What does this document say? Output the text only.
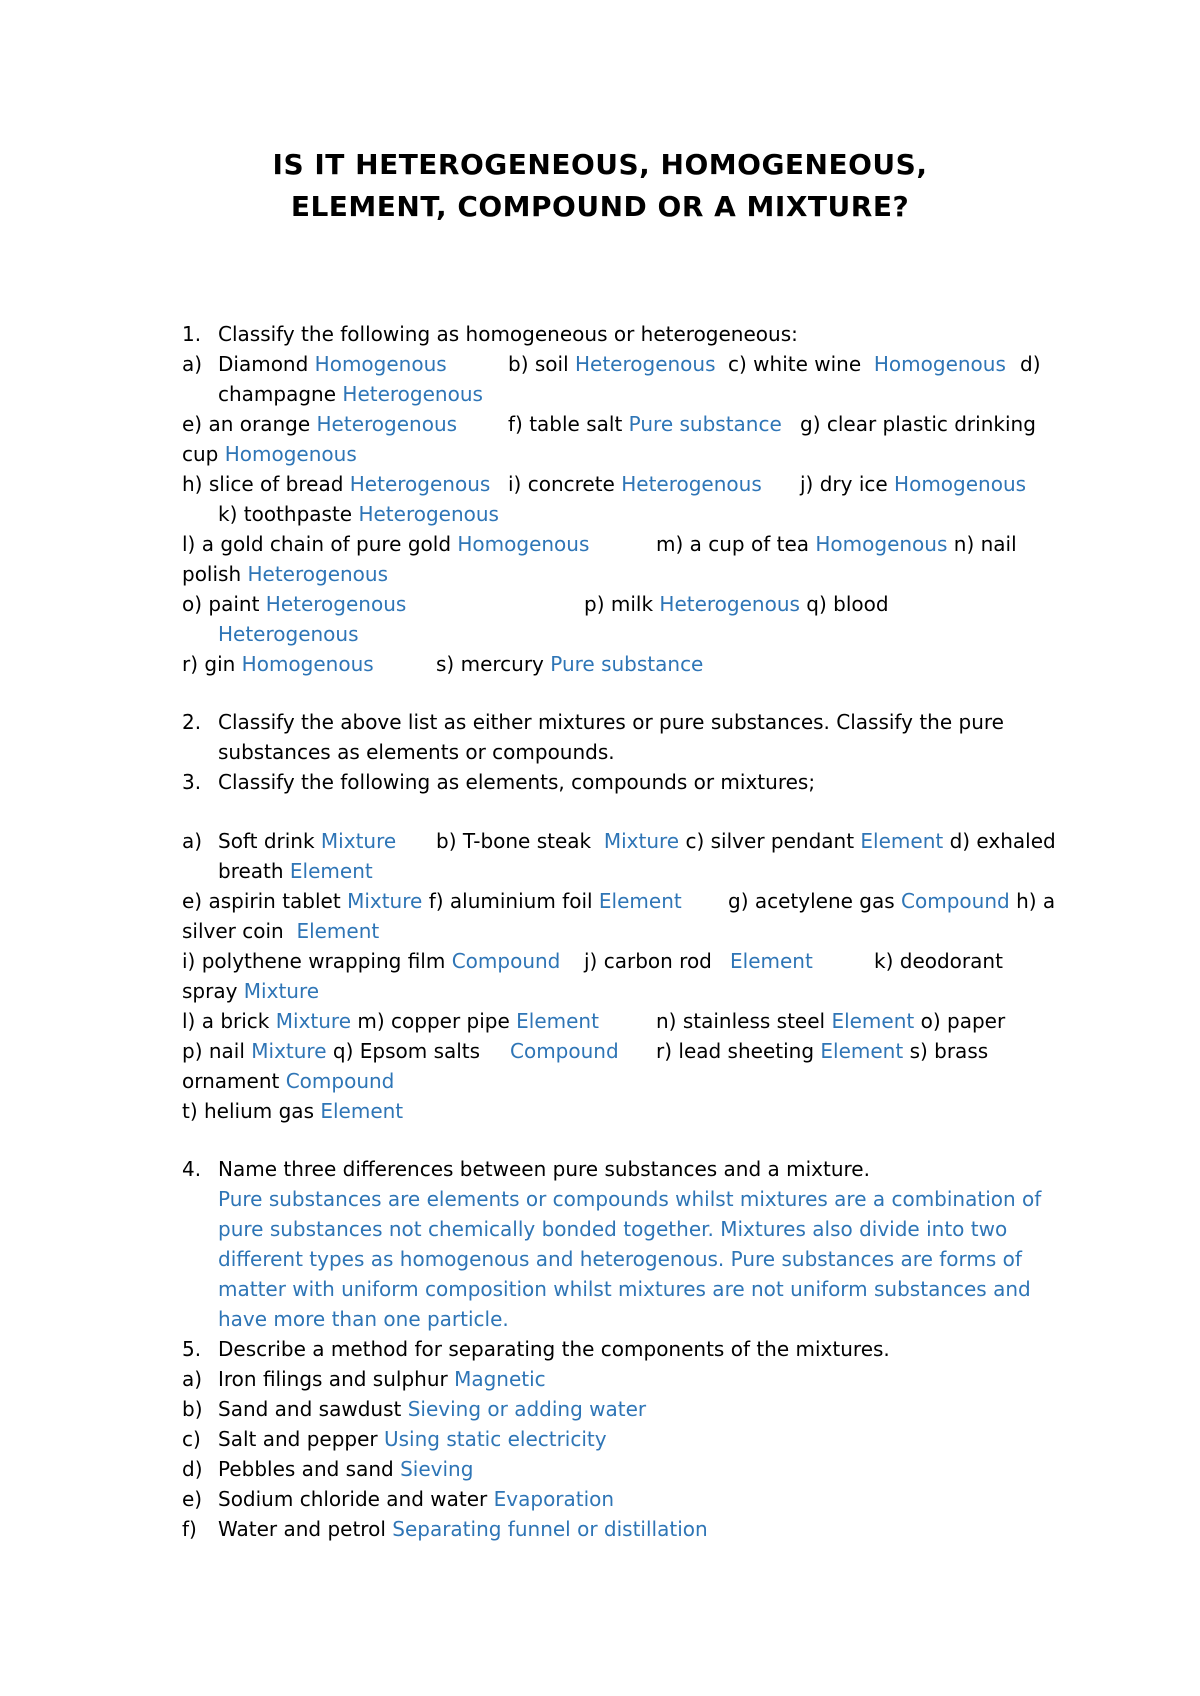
IS IT HETEROGENEOUS, HOMOGENEOUS,
ELEMENT, COMPOUND OR A MIXTURE?
1. Classify the following as homogeneous or heterogeneous:
a) Diamond Homogenous	b) soil Heterogenous c) white wine Homogenous d)
champagne Heterogenous
e) an orange Heterogenous	f) table salt Pure substance g) clear plastic drinking
cup Homogenous
h) slice of bread Heterogenous i) concrete Heterogenous j) dry ice Homogenous
k) toothpaste Heterogenous
l) a gold chain of pure gold Homogenous	m) a cup of tea Homogenous n) nail
polish Heterogenous
o) paint Heterogenous	p) milk Heterogenous q) blood
Heterogenous
r) gin Homogenous	s) mercury Pure substance
2. Classify the above list as either mixtures or pure substances. Classify the pure
substances as elements or compounds.
3. Classify the following as elements, compounds or mixtures;
a) Soft drink Mixture b) T-bone steak Mixture c) silver pendant Element d) exhaled
breath Element
e) aspirin tablet Mixture f) aluminium foil Element g) acetylene gas Compound h) a
silver coin Element
i) polythene wrapping film Compound j) carbon rod Element	k) deodorant
spray Mixture
l) a brick Mixture m) copper pipe Element	n) stainless steel Element o) paper
p) nail Mixture q) Epsom salts Compound r) lead sheeting Element s) brass
ornament Compound
t) helium gas Element
4. Name three differences between pure substances and a mixture.
Pure substances are elements or compounds whilst mixtures are a combination of
pure substances not chemically bonded together. Mixtures also divide into two
different types as homogenous and heterogenous. Pure substances are forms of
matter with uniform composition whilst mixtures are not uniform substances and
have more than one particle.
5. Describe a method for separating the components of the mixtures.
a) Iron filings and sulphur Magnetic
b) Sand and sawdust Sieving or adding water
c) Salt and pepper Using static electricity
d) Pebbles and sand Sieving
e) Sodium chloride and water Evaporation
f) Water and petrol Separating funnel or distillation
